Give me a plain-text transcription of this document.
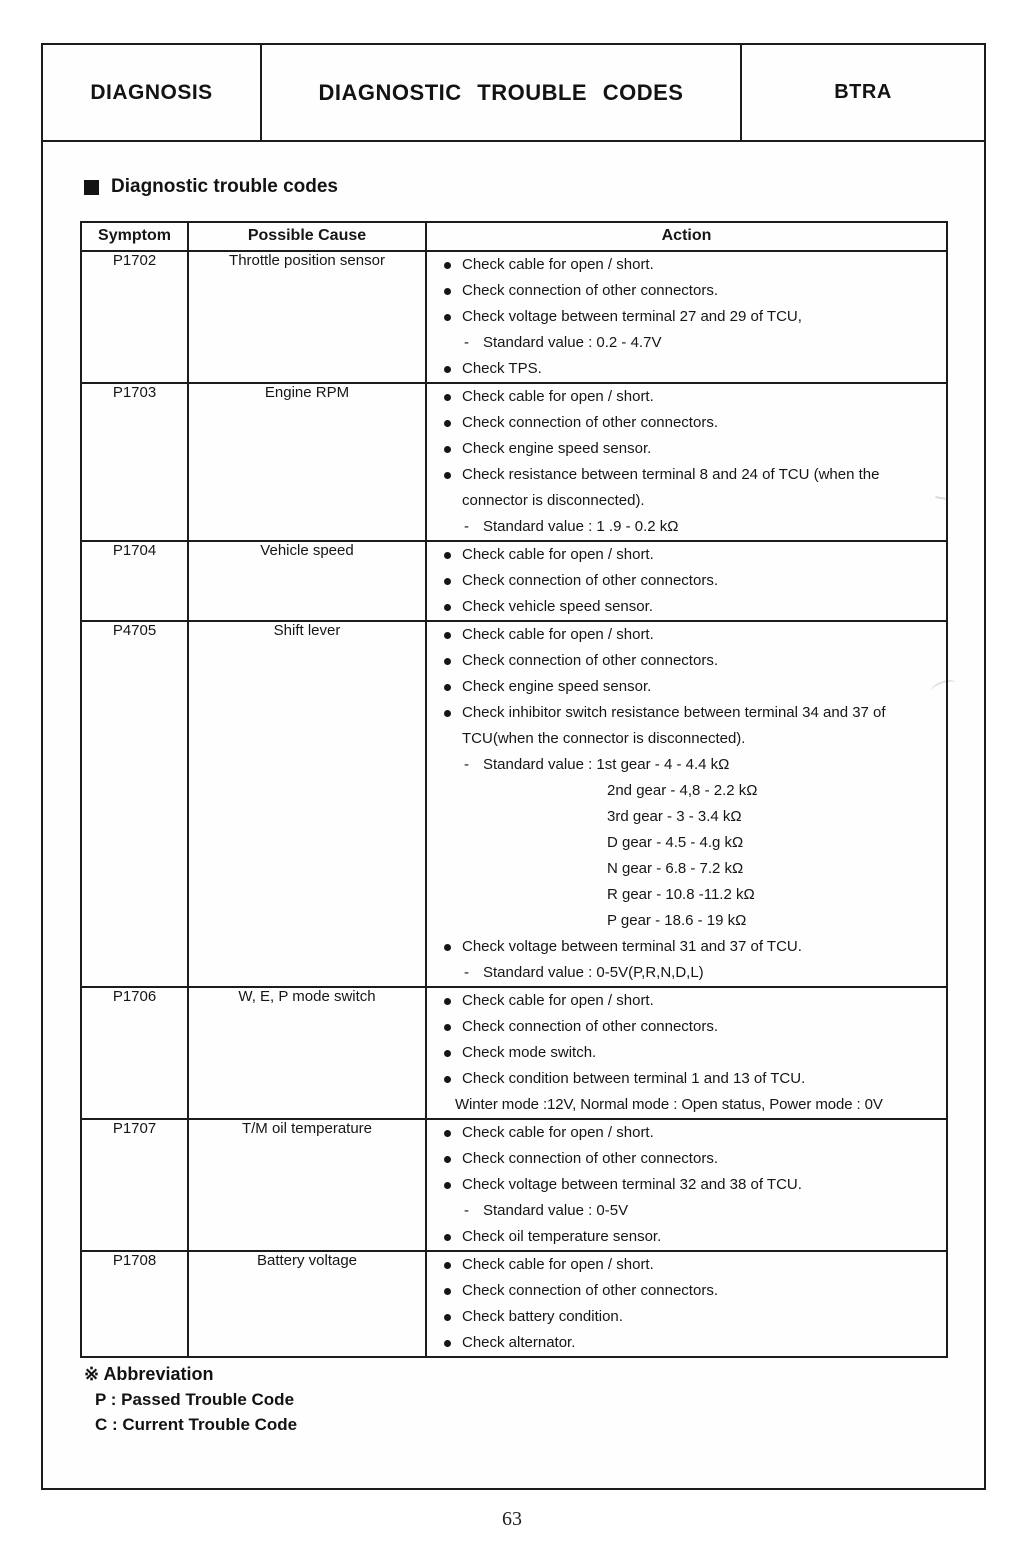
DIAGNOSIS	DIAGNOSTIC TROUBLE CODES	BTRA
Diagnostic trouble codes
Symptom	Possible Cause	Action
P1702	Throttle position sensor	Check cable for open / short.
Check connection of other connectors.
Check voltage between terminal 27 and 29 of TCU,
- Standard value : 0.2 - 4.7V
Check TPS.

P1703	Engine RPM	Check cable for open / short.
Check connection of other connectors.
Check engine speed sensor.
Check resistance between terminal 8 and 24 of TCU (when the
connector is disconnected).
- Standard value : 1 .9 - 0.2 kΩ

P1704	Vehicle speed	Check cable for open / short.
Check connection of other connectors.
Check vehicle speed sensor.

P4705	Shift lever	Check cable for open / short.
Check connection of other connectors.
Check engine speed sensor.
Check inhibitor switch resistance between terminal 34 and 37 of
TCU(when the connector is disconnected).
- Standard value : 1st gear - 4 - 4.4 kΩ
2nd gear - 4,8 - 2.2 kΩ
3rd gear - 3 - 3.4 kΩ
D gear - 4.5 - 4.g kΩ
N gear - 6.8 - 7.2 kΩ
R gear - 10.8 -11.2 kΩ
P gear - 18.6 - 19 kΩ
Check voltage between terminal 31 and 37 of TCU.
- Standard value : 0-5V(P,R,N,D,L)

P1706	W, E, P mode switch	Check cable for open / short.
Check connection of other connectors.
Check mode switch.
Check condition between terminal 1 and 13 of TCU.
Winter mode :12V, Normal mode : Open status, Power mode : 0V

P1707	T/M oil temperature	Check cable for open / short.
Check connection of other connectors.
Check voltage between terminal 32 and 38 of TCU.
- Standard value : 0-5V
Check oil temperature sensor.

P1708	Battery voltage	Check cable for open / short.
Check connection of other connectors.
Check battery condition.
Check alternator.
※ Abbreviation
P : Passed Trouble Code
C : Current Trouble Code
63
